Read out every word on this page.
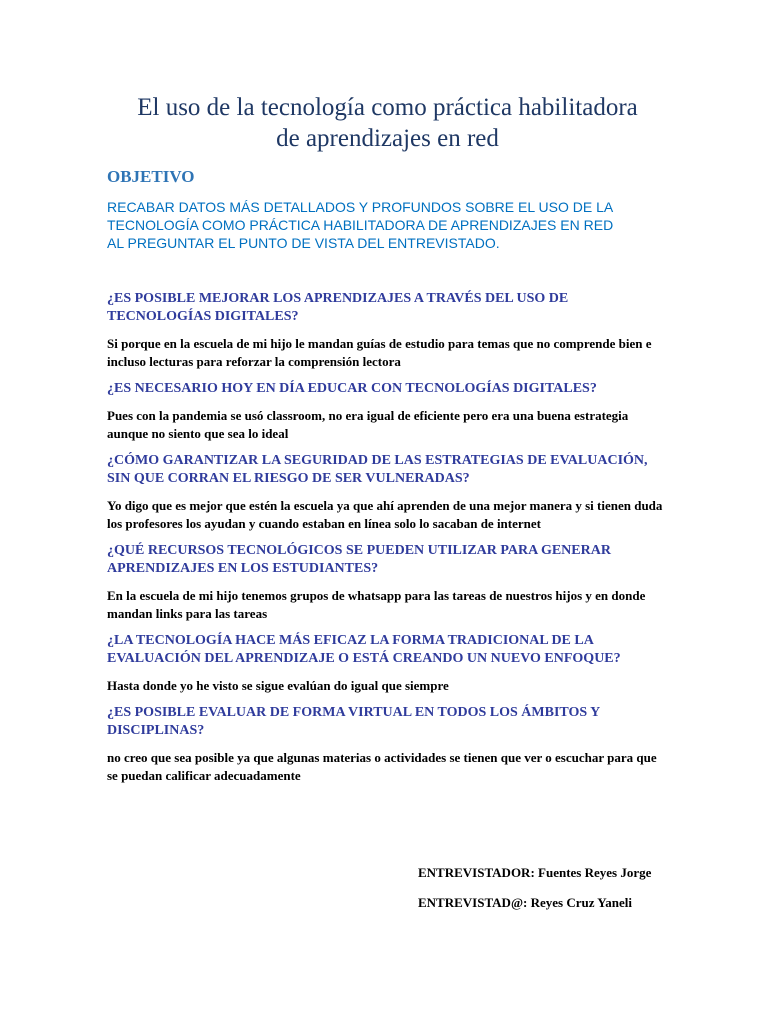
El uso de la tecnología como práctica habilitadora
de aprendizajes en red
OBJETIVO

RECABAR DATOS MÁS DETALLADOS Y PROFUNDOS SOBRE EL USO DE LA TECNOLOGÍA COMO PRÁCTICA HABILITADORA DE APRENDIZAJES EN RED AL PREGUNTAR EL PUNTO DE VISTA DEL ENTREVISTADO.

¿ES POSIBLE MEJORAR LOS APRENDIZAJES A TRAVÉS DEL USO DE TECNOLOGÍAS DIGITALES?

Si porque en la escuela de mi hijo le mandan guías de estudio para temas que no comprende bien e incluso lecturas para reforzar la comprensión lectora

¿ES NECESARIO HOY EN DÍA EDUCAR CON TECNOLOGÍAS DIGITALES?

Pues con la pandemia se usó classroom, no era igual de eficiente pero era una buena estrategia aunque no siento que sea lo ideal

¿CÓMO GARANTIZAR LA SEGURIDAD DE LAS ESTRATEGIAS DE EVALUACIÓN, SIN QUE CORRAN EL RIESGO DE SER VULNERADAS?

Yo digo que es mejor que estén la escuela ya que ahí aprenden de una mejor manera y si tienen duda los profesores los ayudan y cuando estaban en línea solo lo sacaban de internet

¿QUÉ RECURSOS TECNOLÓGICOS SE PUEDEN UTILIZAR PARA GENERAR APRENDIZAJES EN LOS ESTUDIANTES?

En la escuela de mi hijo tenemos grupos de whatsapp para las tareas de nuestros hijos y en donde mandan links para las tareas

¿LA TECNOLOGÍA HACE MÁS EFICAZ LA FORMA TRADICIONAL DE LA EVALUACIÓN DEL APRENDIZAJE O ESTÁ CREANDO UN NUEVO ENFOQUE?

Hasta donde yo he visto se sigue evalúan do igual que siempre

¿ES POSIBLE EVALUAR DE FORMA VIRTUAL EN TODOS LOS ÁMBITOS Y DISCIPLINAS?

no creo que sea posible ya que algunas materias o actividades se tienen que ver o escuchar para que se puedan calificar adecuadamente

ENTREVISTADOR: Fuentes Reyes Jorge

ENTREVISTAD@: Reyes Cruz Yaneli
